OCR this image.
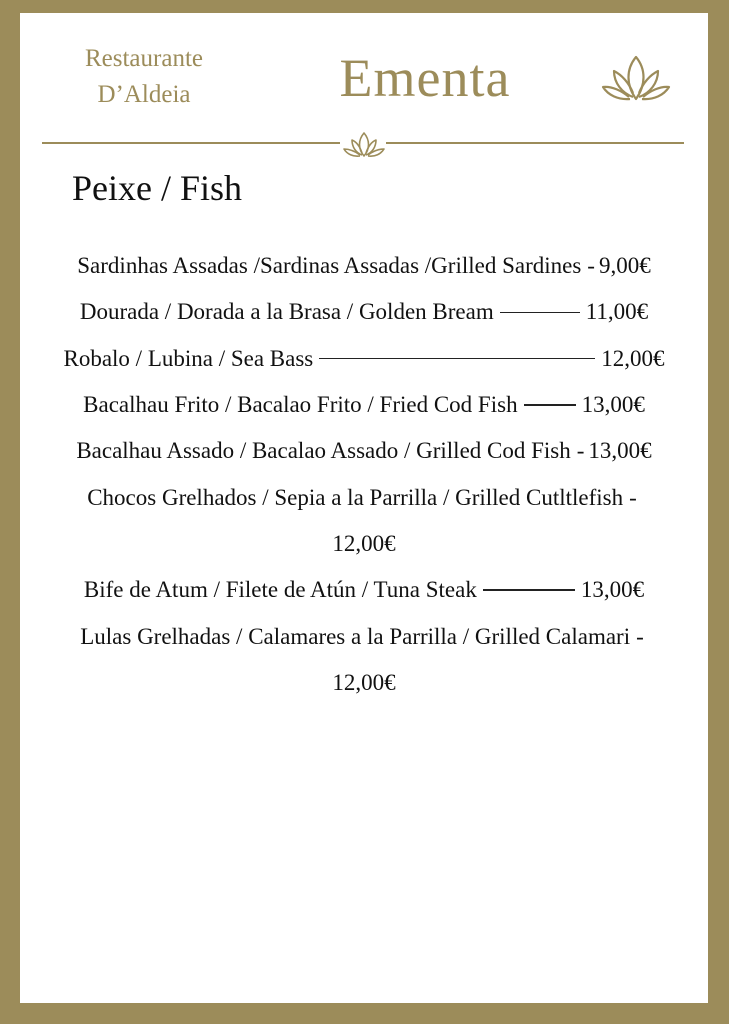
Restaurante
D’Aldeia	Ementa
Peixe / Fish
Sardinhas Assadas /Sardinas Assadas /Grilled Sardines - 9,00€
Dourada / Dorada a la Brasa / Golden Bream	11,00€
Robalo / Lubina / Sea Bass	12,00€
Bacalhau Frito / Bacalao Frito / Fried Cod Fish	13,00€
Bacalhau Assado / Bacalao Assado / Grilled Cod Fish - 13,00€
Chocos Grelhados / Sepia a la Parrilla / Grilled Cutltlefish -
12,00€
Bife de Atum / Filete de Atún / Tuna Steak	13,00€
Lulas Grelhadas / Calamares a la Parrilla / Grilled Calamari -
12,00€
